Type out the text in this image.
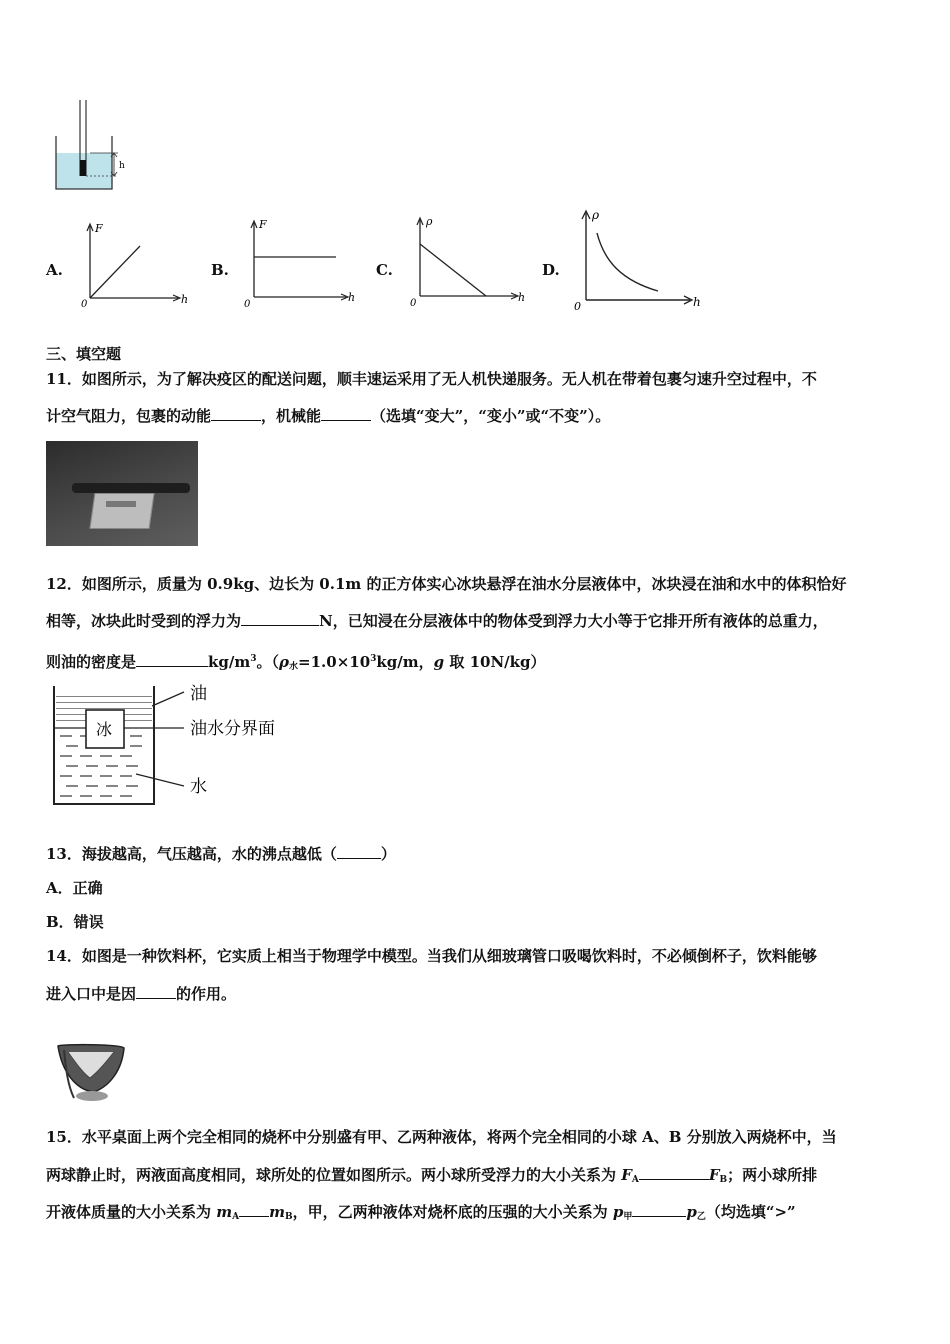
h
A.
F
h
0
B.
F
h
0
C.
ρ
h
0
D.
ρ
h
0
三、填空题
11．如图所示，为了解决疫区的配送问题，顺丰速运采用了无人机快递服务。无人机在带着包裹匀速升空过程中，不
计空气阻力，包裹的动能	，机械能	（选填“变大”，“变小”或“不变”）。
12．如图所示，质量为 0.9kg、边长为 0.1m 的正方体实心冰块悬浮在油水分层液体中，冰块浸在油和水中的体积恰好
相等，冰块此时受到的浮力为	N，已知浸在分层液体中的物体受到浮力大小等于它排开所有液体的总重力，
则油的密度是	$kg/m^3$。（$\rho_水=1.0\times 10^3kg/m$，g 取 10N/kg）
冰
油
油水分界面
水
13．海拔越高，气压越高，水的沸点越低（	）
A．正确
B．错误
14．如图是一种饮料杯，它实质上相当于物理学中模型。当我们从细玻璃管口吸喝饮料时，不必倾倒杯子，饮料能够
进入口中是因	的作用。
15．水平桌面上两个完全相同的烧杯中分别盛有甲、乙两种液体，将两个完全相同的小球 A、B 分别放入两烧杯中，当
两球静止时，两液面高度相同，球所处的位置如图所示。两小球所受浮力的大小关系为 $F_A$	$F_B$；两小球所排
开液体质量的大小关系为 $m_A$ $m_B$，甲，乙两种液体对烧杯底的压强的大小关系为 $p_甲$	$p_乙$（均选填“>”
